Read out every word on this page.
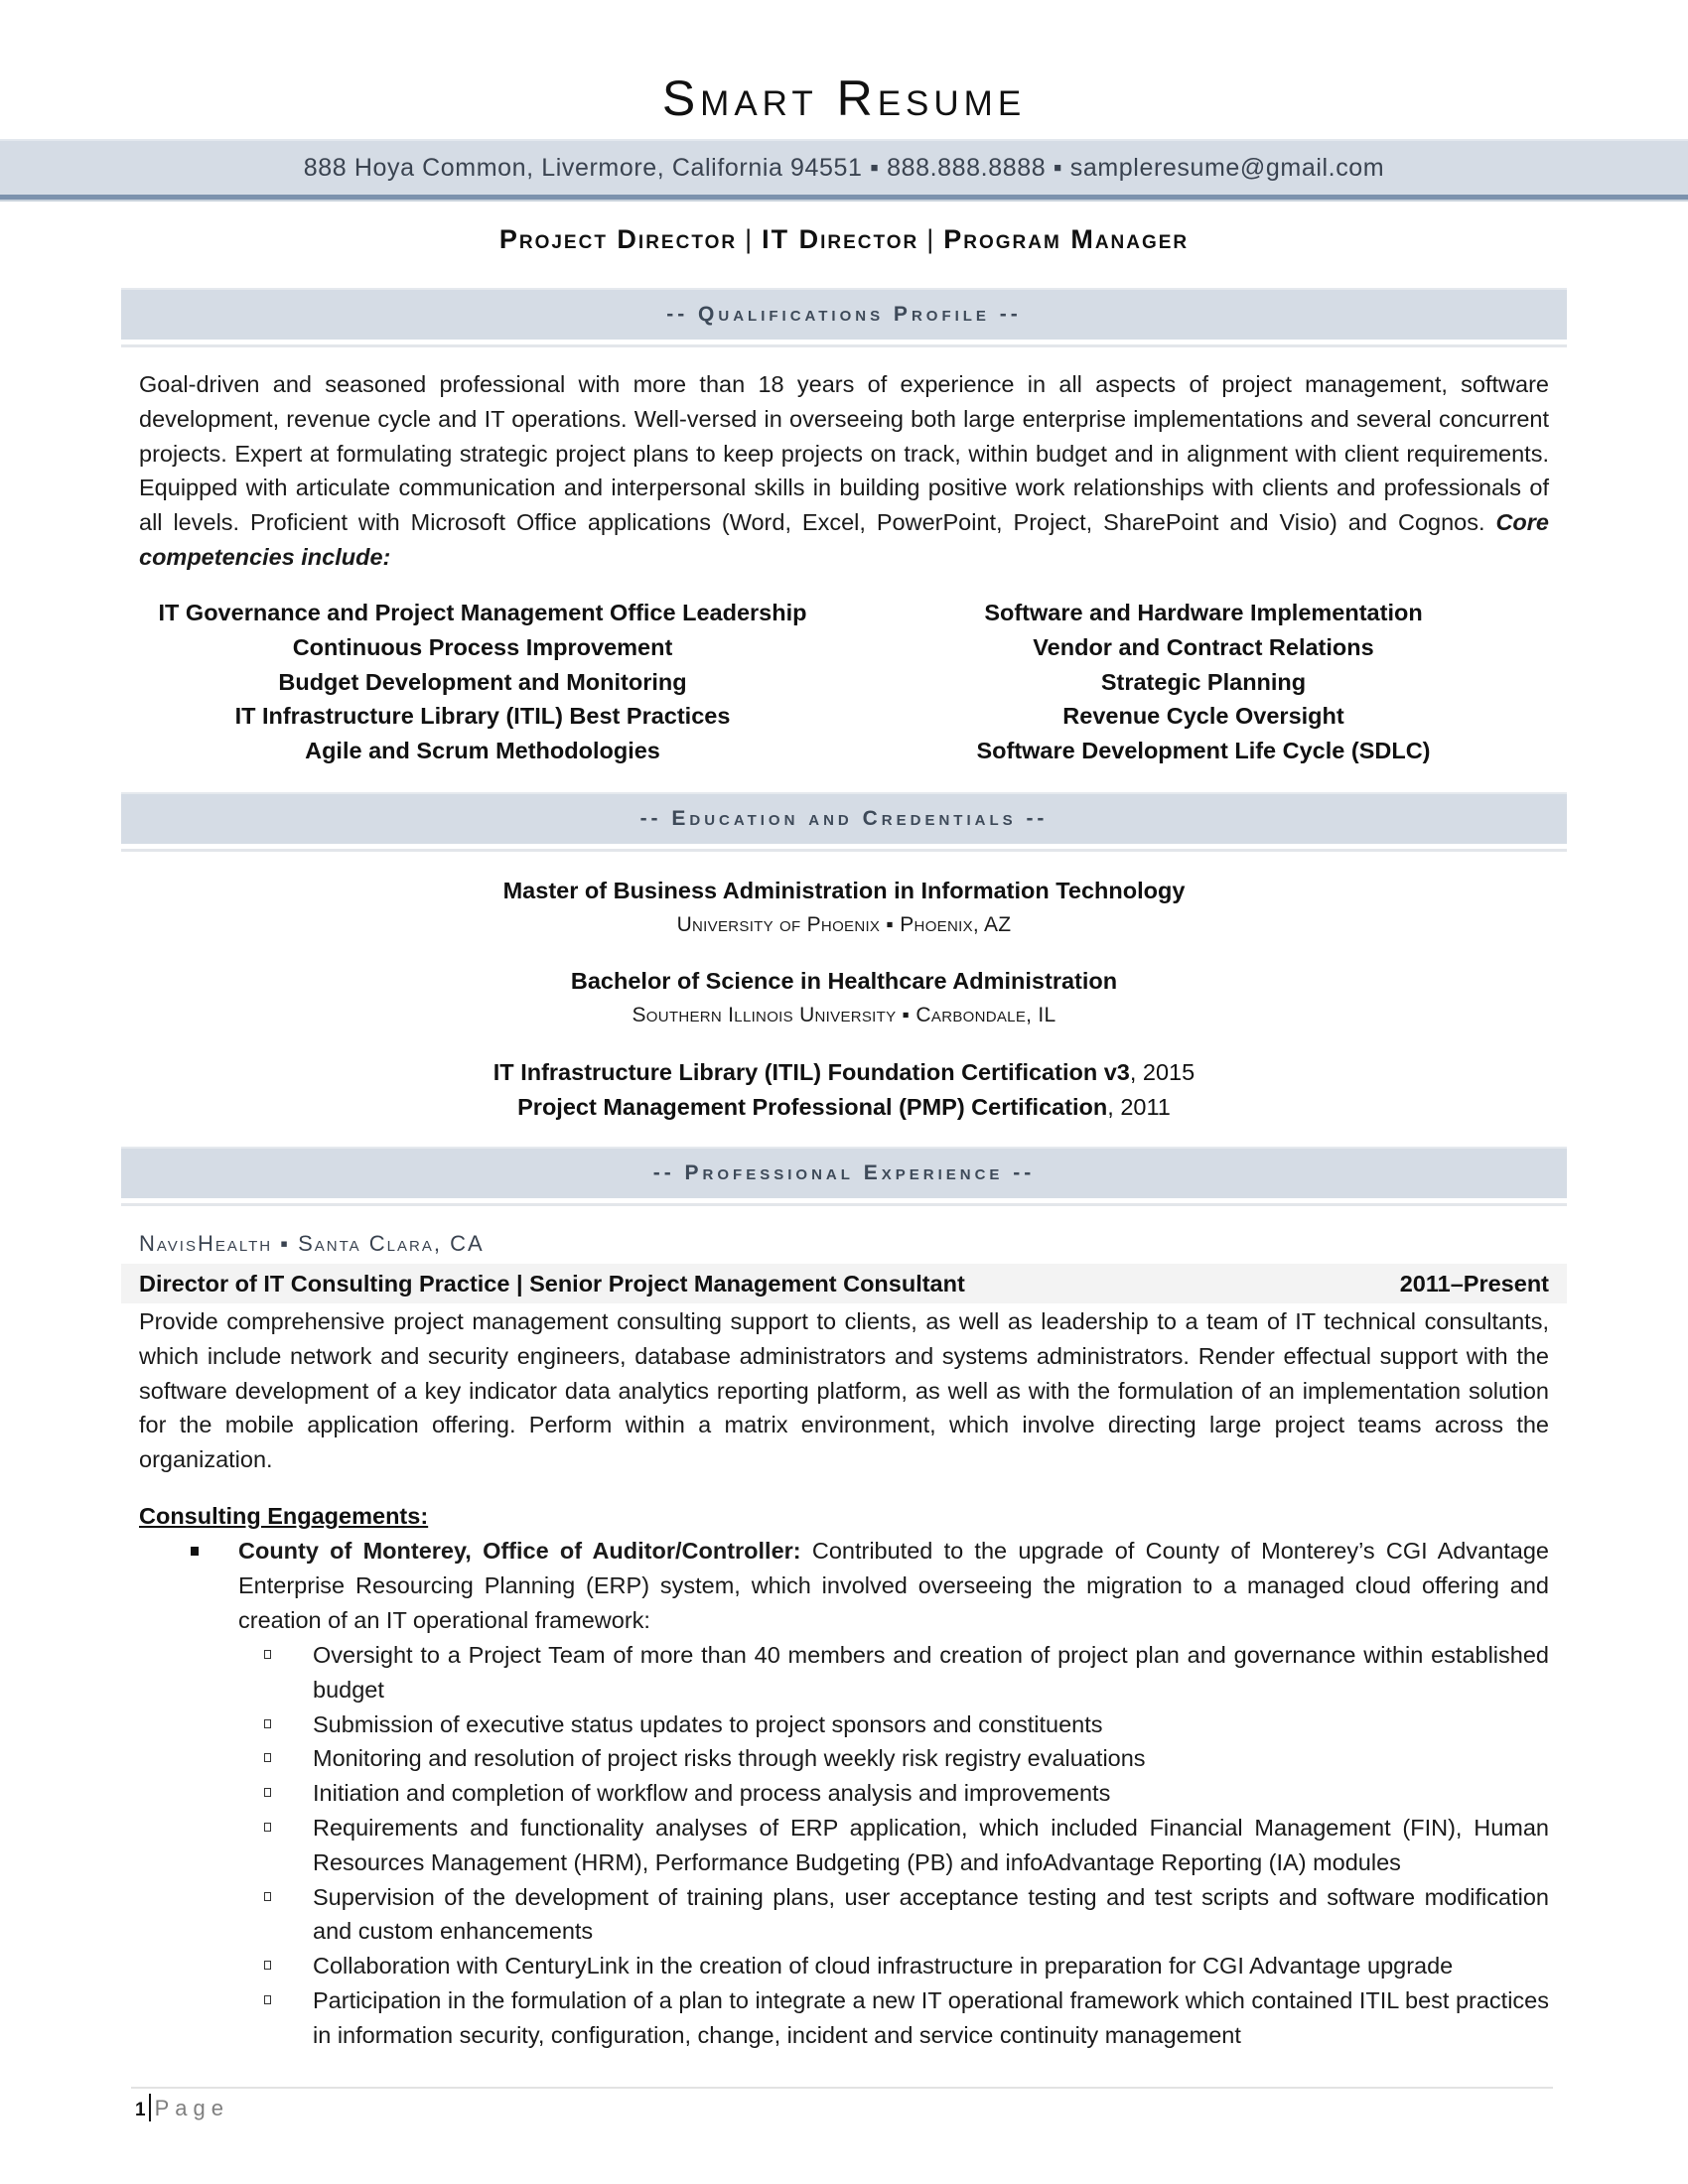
Smart Resume
888 Hoya Common, Livermore, California 94551 ▪ 888.888.8888 ▪ sampleresume@gmail.com
Project Director | IT Director | Program Manager
-- Qualifications Profile --

Goal-driven and seasoned professional with more than 18 years of experience in all aspects of project management, software development, revenue cycle and IT operations. Well-versed in overseeing both large enterprise implementations and several concurrent projects. Expert at formulating strategic project plans to keep projects on track, within budget and in alignment with client requirements. Equipped with articulate communication and interpersonal skills in building positive work relationships with clients and professionals of all levels. Proficient with Microsoft Office applications (Word, Excel, PowerPoint, Project, SharePoint and Visio) and Cognos. Core competencies include:

IT Governance and Project Management Office Leadership
Continuous Process Improvement
Budget Development and Monitoring
IT Infrastructure Library (ITIL) Best Practices
Agile and Scrum Methodologies
Software and Hardware Implementation
Vendor and Contract Relations
Strategic Planning
Revenue Cycle Oversight
Software Development Life Cycle (SDLC)
-- Education and Credentials --
Master of Business Administration in Information Technology
University of Phoenix ▪ Phoenix, AZ
Bachelor of Science in Healthcare Administration
Southern Illinois University ▪ Carbondale, IL
IT Infrastructure Library (ITIL) Foundation Certification v3, 2015
Project Management Professional (PMP) Certification, 2011
-- Professional Experience --
NavisHealth ▪ Santa Clara, CA
Director of IT Consulting Practice | Senior Project Management Consultant	2011–Present

Provide comprehensive project management consulting support to clients, as well as leadership to a team of IT technical consultants, which include network and security engineers, database administrators and systems administrators. Render effectual support with the software development of a key indicator data analytics reporting platform, as well as with the formulation of an implementation solution for the mobile application offering. Perform within a matrix environment, which involve directing large project teams across the organization.

Consulting Engagements:

County of Monterey, Office of Auditor/Controller: Contributed to the upgrade of County of Monterey’s CGI Advantage Enterprise Resourcing Planning (ERP) system, which involved overseeing the migration to a managed cloud offering and creation of an IT operational framework:

Oversight to a Project Team of more than 40 members and creation of project plan and governance within established budget

Submission of executive status updates to project sponsors and constituents

Monitoring and resolution of project risks through weekly risk registry evaluations

Initiation and completion of workflow and process analysis and improvements

Requirements and functionality analyses of ERP application, which included Financial Management (FIN), Human Resources Management (HRM), Performance Budgeting (PB) and infoAdvantage Reporting (IA) modules

Supervision of the development of training plans, user acceptance testing and test scripts and software modification and custom enhancements

Collaboration with CenturyLink in the creation of cloud infrastructure in preparation for CGI Advantage upgrade

Participation in the formulation of a plan to integrate a new IT operational framework which contained ITIL best practices in information security, configuration, change, incident and service continuity management

1 Page
